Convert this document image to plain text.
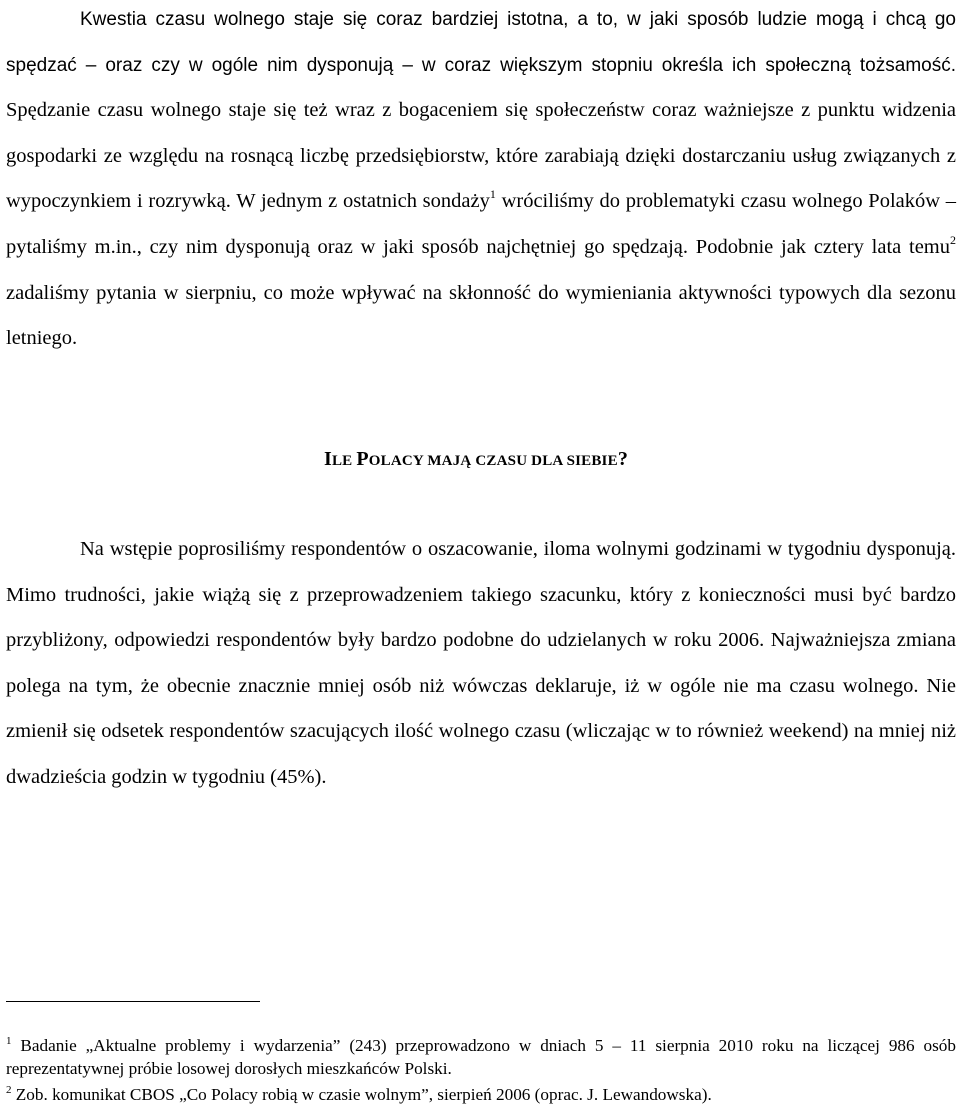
Kwestia czasu wolnego staje się coraz bardziej istotna, a to, w jaki sposób ludzie mogą i chcą go spędzać – oraz czy w ogóle nim dysponują – w coraz większym stopniu określa ich społeczną tożsamość. Spędzanie czasu wolnego staje się też wraz z bogaceniem się społeczeństw coraz ważniejsze z punktu widzenia gospodarki ze względu na rosnącą liczbę przedsiębiorstw, które zarabiają dzięki dostarczaniu usług związanych z wypoczynkiem i rozrywką. W jednym z ostatnich sondaży$^1$ wróciliśmy do problematyki czasu wolnego Polaków – pytaliśmy m.in., czy nim dysponują oraz w jaki sposób najchętniej go spędzają. Podobnie jak cztery lata temu$^2$ zadaliśmy pytania w sierpniu, co może wpływać na skłonność do wymieniania aktywności typowych dla sezonu letniego.

ILE POLACY MAJĄ CZASU DLA SIEBIE?

Na wstępie poprosiliśmy respondentów o oszacowanie, iloma wolnymi godzinami w tygodniu dysponują. Mimo trudności, jakie wiążą się z przeprowadzeniem takiego szacunku, który z konieczności musi być bardzo przybliżony, odpowiedzi respondentów były bardzo podobne do udzielanych w roku 2006. Najważniejsza zmiana polega na tym, że obecnie znacznie mniej osób niż wówczas deklaruje, iż w ogóle nie ma czasu wolnego. Nie zmienił się odsetek respondentów szacujących ilość wolnego czasu (wliczając w to również weekend) na mniej niż dwadzieścia godzin w tygodniu (45%).

$^1$ Badanie „Aktualne problemy i wydarzenia” (243) przeprowadzono w dniach 5 – 11 sierpnia 2010 roku na liczącej 986 osób reprezentatywnej próbie losowej dorosłych mieszkańców Polski.

$^2$ Zob. komunikat CBOS „Co Polacy robią w czasie wolnym”, sierpień 2006 (oprac. J. Lewandowska).
